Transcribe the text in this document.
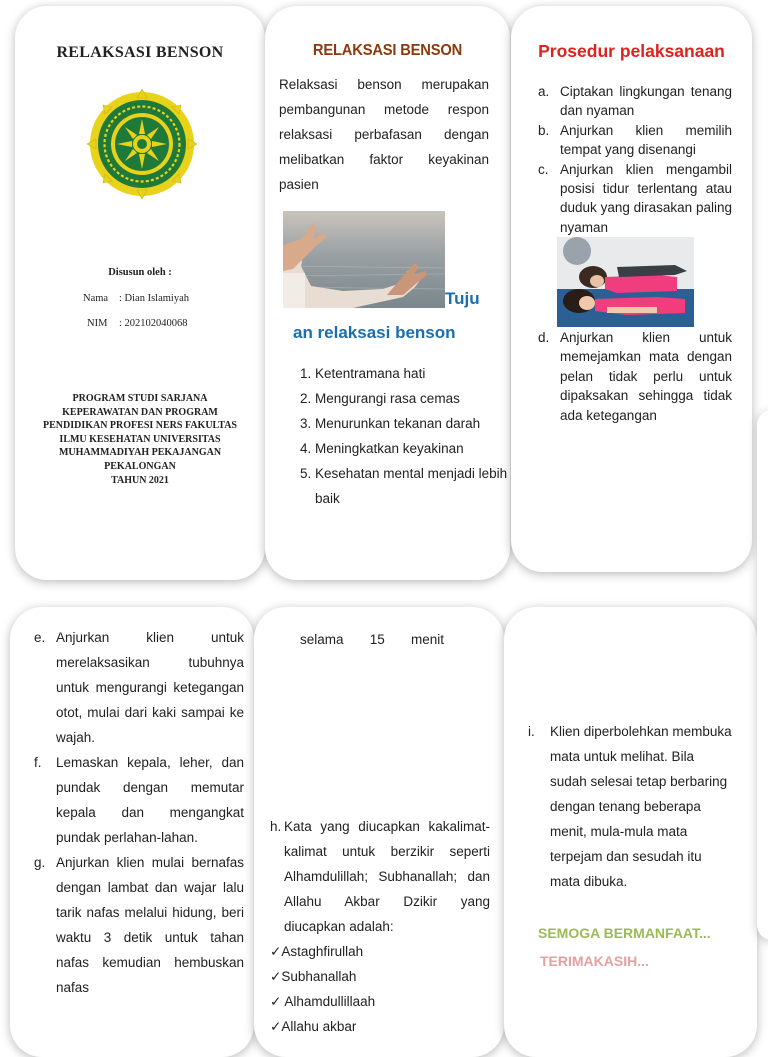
RELAKSASI BENSON
Disusun oleh :
Nama : Dian Islamiyah
NIM : 202102040068
PROGRAM STUDI SARJANA
KEPERAWATAN DAN PROGRAM
PENDIDIKAN PROFESI NERS FAKULTAS
ILMU KESEHATAN UNIVERSITAS
MUHAMMADIYAH PEKAJANGAN
PEKALONGAN
TAHUN 2021
RELAKSASI BENSON
Relaksasi benson merupakan pembangunan metode respon relaksasi perbafasan dengan melibatkan faktor keyakinan pasien
Tuju
an relaksasi benson
1. Ketentramana hati
2. Mengurangi rasa cemas
3. Menurunkan tekanan darah
4. Meningkatkan keyakinan
5. Kesehatan mental menjadi lebih baik
Prosedur pelaksanaan
a. Ciptakan lingkungan tenang dan nyaman
b. Anjurkan klien memilih tempat yang disenangi
c. Anjurkan klien mengambil posisi tidur terlentang atau duduk yang dirasakan paling nyaman
d. Anjurkan klien untuk memejamkan mata dengan pelan tidak perlu untuk dipaksakan sehingga tidak ada ketegangan
e. Anjurkan klien untuk merelaksasikan tubuhnya untuk mengurangi ketegangan otot, mulai dari kaki sampai ke wajah.
f. Lemaskan kepala, leher, dan pundak dengan memutar kepala dan mengangkat pundak perlahan-lahan.
g. Anjurkan klien mulai bernafas dengan lambat dan wajar lalu tarik nafas melalui hidung, beri waktu 3 detik untuk tahan nafas kemudian hembuskan nafas
selama 15 menit
h. Kata yang diucapkan kakalimat-kalimat untuk berzikir seperti Alhamdulillah; Subhanallah; dan Allahu Akbar Dzikir yang diucapkan adalah:
✓Astaghfirullah
✓Subhanallah
✓ Alhamdullillaah
✓Allahu akbar
i. Klien diperbolehkan membuka mata untuk melihat. Bila sudah selesai tetap berbaring dengan tenang beberapa menit, mula-mula mata terpejam dan sesudah itu mata dibuka.
SEMOGA BERMANFAAT...
TERIMAKASIH...
